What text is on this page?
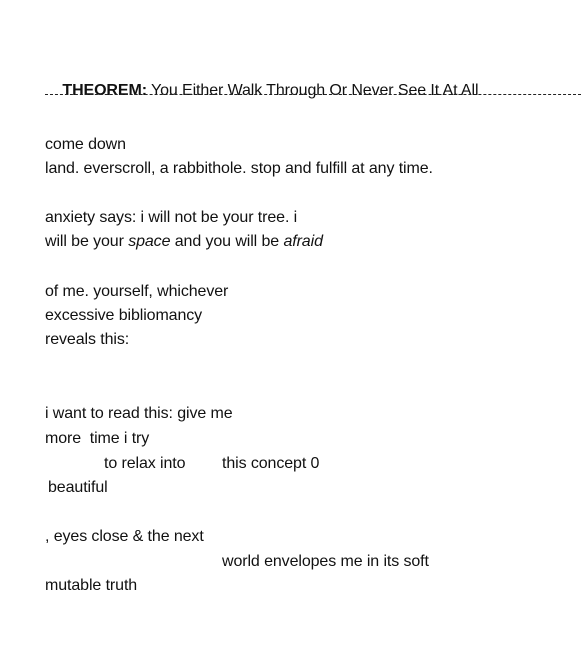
THEOREM: You Either Walk Through Or Never See It At All

come down
land. everscroll, a rabbithole. stop and fulfill at any time.
anxiety says: i will not be your tree. i
will be your space and you will be afraid
of me. yourself, whichever
excessive bibliomancy
reveals this:
i want to read this: give me
more  time i try
to relax into this concept 0
beautiful
, eyes close & the next
world envelopes me in its soft
mutable truth
